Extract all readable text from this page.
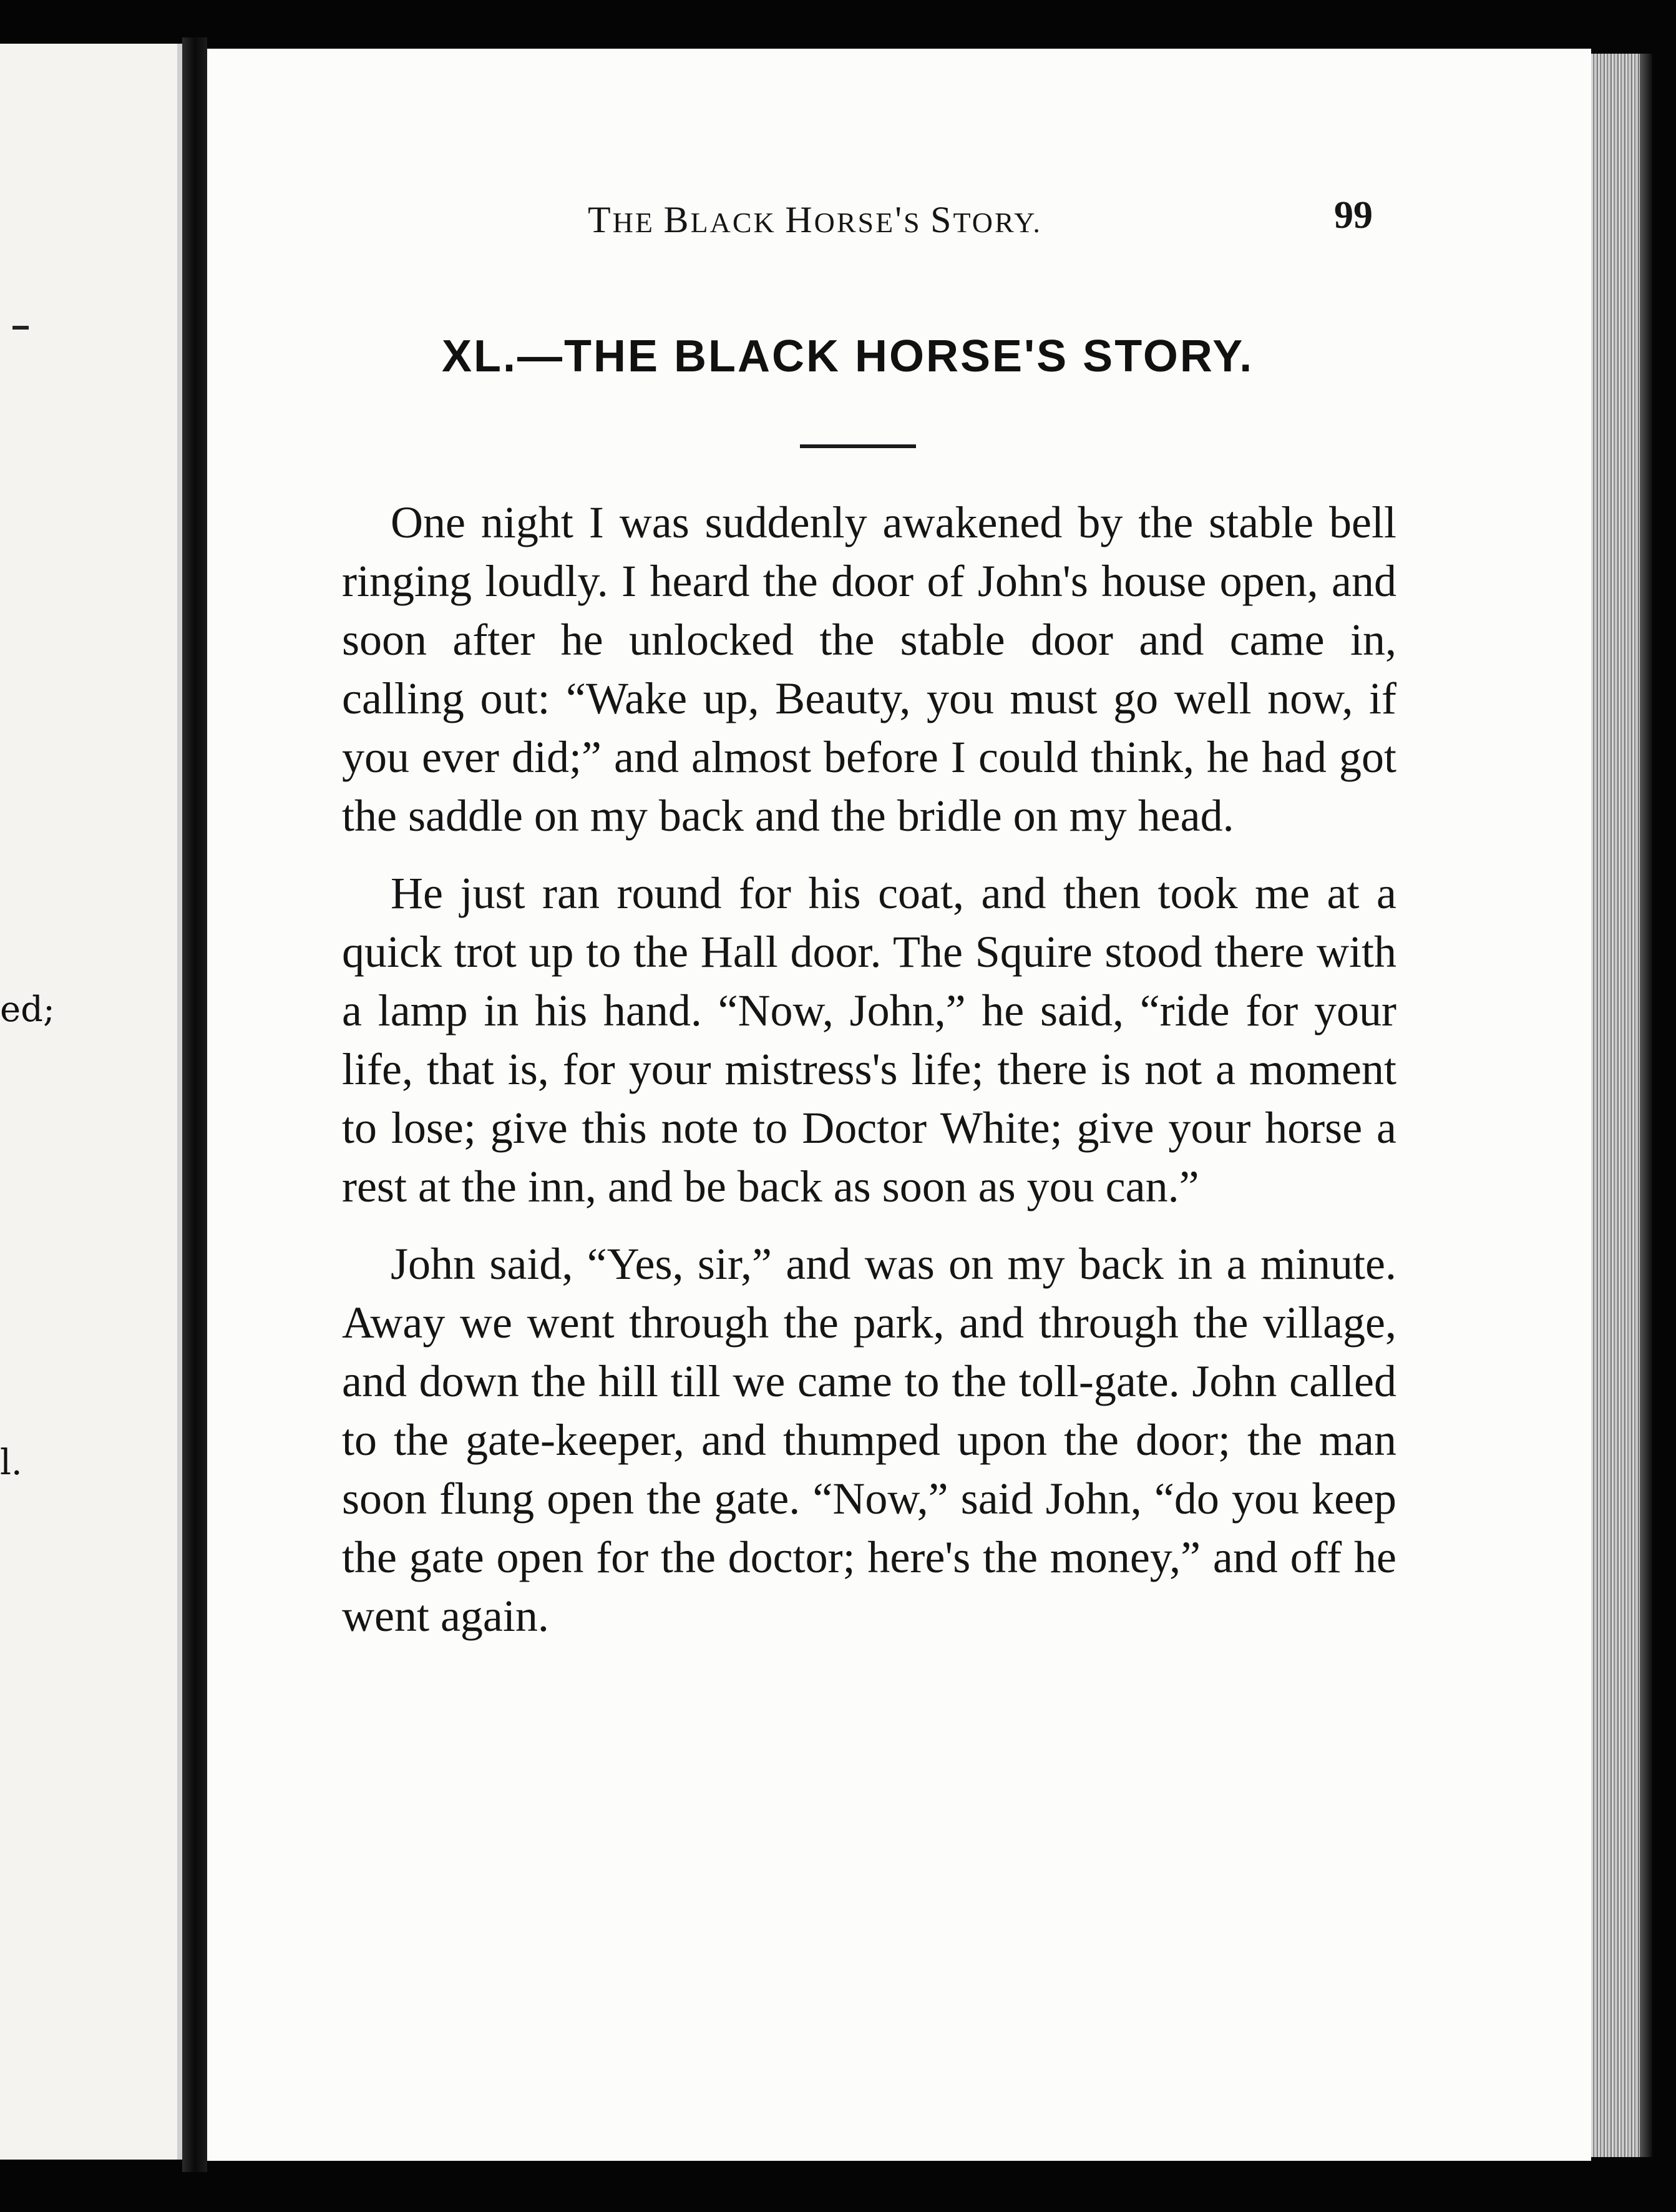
ed;
l.
THE BLACK HORSE'S STORY.	99
XL.—THE BLACK HORSE'S STORY.

One night I was suddenly awakened by the stable bell ringing loudly. I heard the door of John's house open, and soon after he unlocked the stable door and came in, calling out: “Wake up, Beauty, you must go well now, if you ever did;” and almost before I could think, he had got the saddle on my back and the bridle on my head.

He just ran round for his coat, and then took me at a quick trot up to the Hall door. The Squire stood there with a lamp in his hand. “Now, John,” he said, “ride for your life, that is, for your mistress's life; there is not a moment to lose; give this note to Doctor White; give your horse a rest at the inn, and be back as soon as you can.”

John said, “Yes, sir,” and was on my back in a minute. Away we went through the park, and through the village, and down the hill till we came to the toll-gate. John called to the gate-keeper, and thumped upon the door; the man soon flung open the gate. “Now,” said John, “do you keep the gate open for the doctor; here's the money,” and off he went again.
